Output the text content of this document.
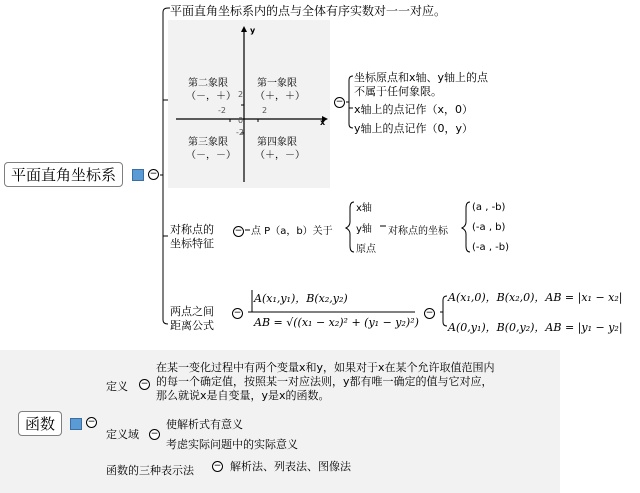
平面直角坐标系	−
平面直角坐标系内的点与全体有序实数对一一对应。
y
x
2
-2
0
-2
2
第二象限
（－，＋）
第一象限
（＋，＋）
第三象限
（－，－）
第四象限
（＋，－）
−
坐标原点和x轴、y轴上的点
不属于任何象限。
x轴上的点记作（x，0）
y轴上的点记作（0，y）
对称点的
坐标特征
− 点 P（a，b）关于
x轴
y轴
原点
对称点的坐标
(a , -b)
(-a , b)
(-a , -b)
两点之间
距离公式
−
A(x₁,y₁)，B(x₂,y₂)
AB = √((x₁ − x₂)² + (y₁ − y₂)²)
−
A(x₁,0)，B(x₂,0)，AB = |x₁ − x₂|
A(0,y₁)，B(0,y₂)，AB = |y₁ − y₂|
函数	−
定义 −
在某一变化过程中有两个变量x和y，如果对于x在某个允许取值范围内
的每一个确定值，按照某一对应法则，y都有唯一确定的值与它对应，
那么就说x是自变量，y是x的函数。
定义域 −
使解析式有意义
考虑实际问题中的实际意义
函数的三种表示法 − 解析法、列表法、图像法
